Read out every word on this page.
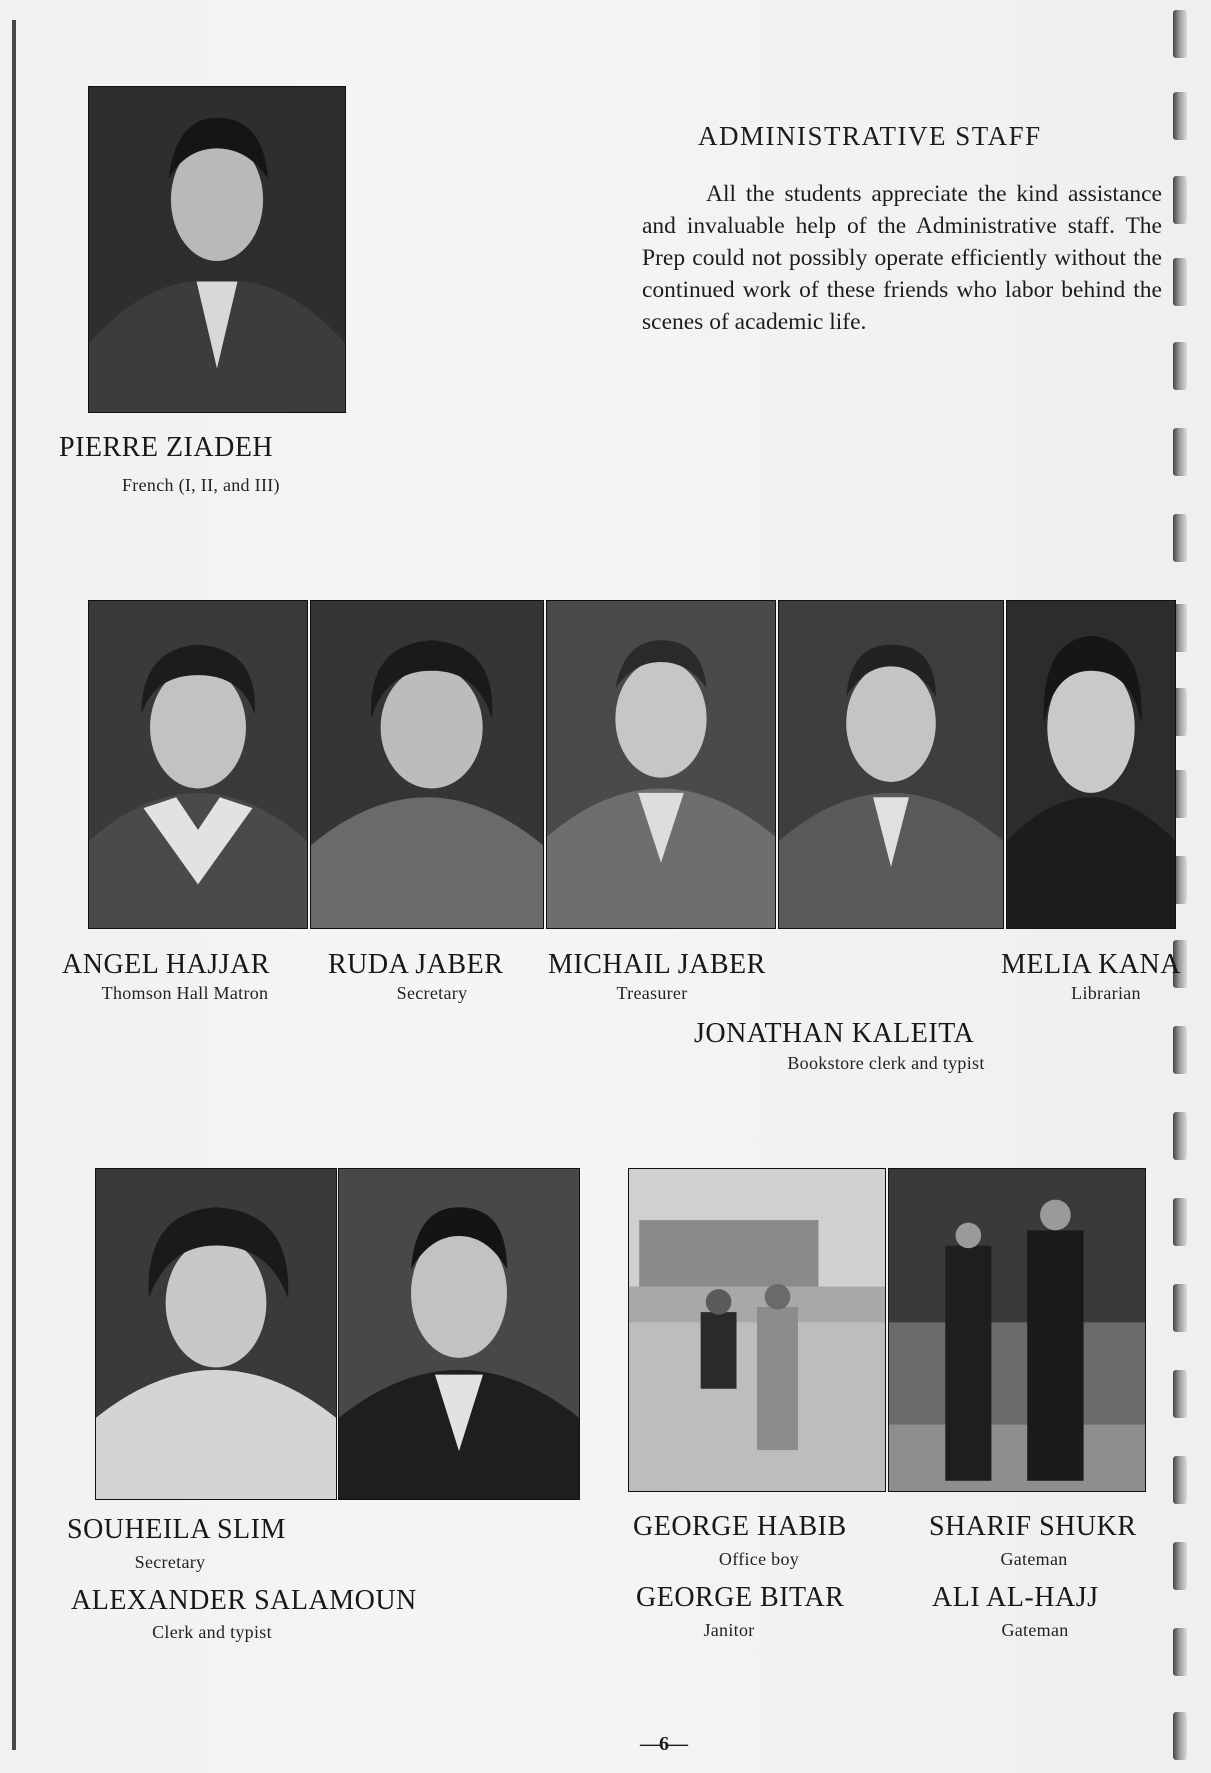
ADMINISTRATIVE STAFF

All the students appreciate the kind assistance and invaluable help of the Administrative staff. The Prep could not possibly operate efficiently without the continued work of these friends who labor behind the scenes of academic life.

PIERRE ZIADEH
French (I, II, and III)
ANGEL HAJJAR
Thomson Hall Matron
RUDA JABER
Secretary
MICHAIL JABER
Treasurer
MELIA KANA
Librarian
JONATHAN KALEITA
Bookstore clerk and typist
SOUHEILA SLIM
Secretary
ALEXANDER SALAMOUN
Clerk and typist
GEORGE HABIB
Office boy
GEORGE BITAR
Janitor
SHARIF SHUKR
Gateman
ALI AL-HAJJ
Gateman
—6—
